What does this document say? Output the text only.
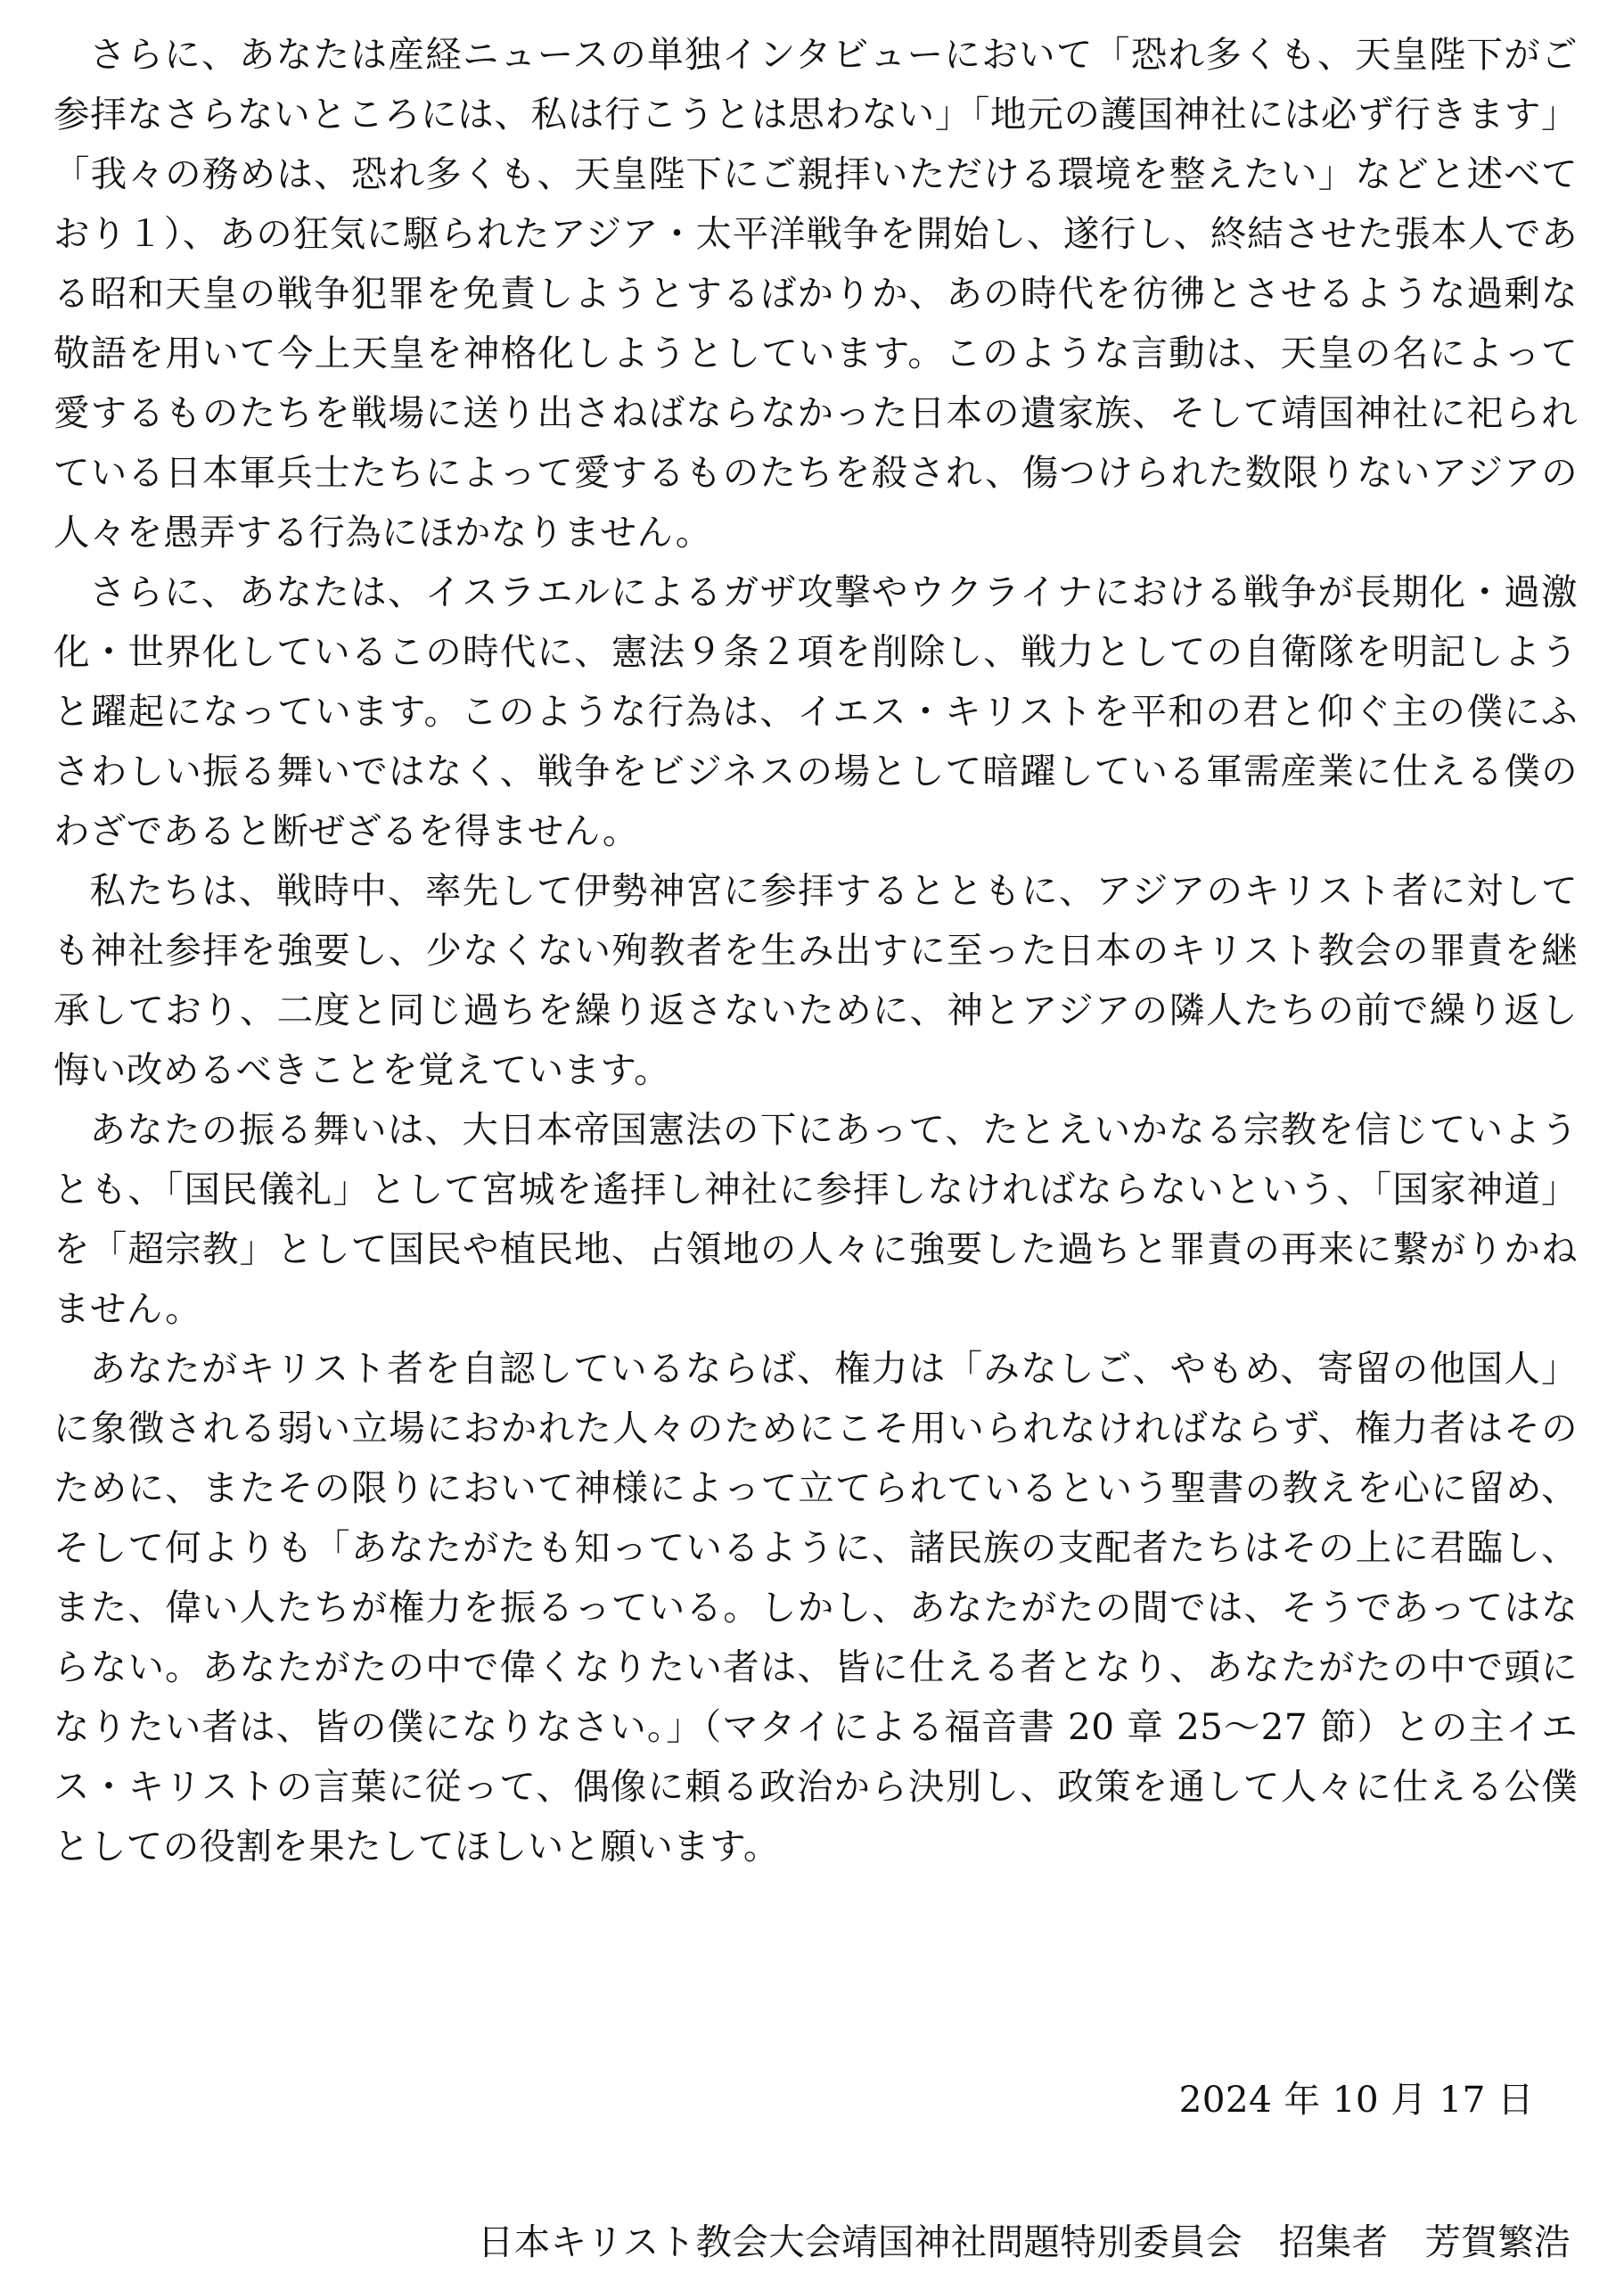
さらに、あなたは産経ニュースの単独インタビューにおいて「恐れ多くも、天皇陛下がご参拝なさらないところには、私は行こうとは思わない」「地元の護国神社には必ず行きます」「我々の務めは、恐れ多くも、天皇陛下にご親拝いただける環境を整えたい」などと述べており１）、あの狂気に駆られたアジア・太平洋戦争を開始し、遂行し、終結させた張本人である昭和天皇の戦争犯罪を免責しようとするばかりか、あの時代を彷彿とさせるような過剰な敬語を用いて今上天皇を神格化しようとしています。このような言動は、天皇の名によって愛するものたちを戦場に送り出さねばならなかった日本の遺家族、そして靖国神社に祀られている日本軍兵士たちによって愛するものたちを殺され、傷つけられた数限りないアジアの人々を愚弄する行為にほかなりません。

さらに、あなたは、イスラエルによるガザ攻撃やウクライナにおける戦争が長期化・過激化・世界化しているこの時代に、憲法９条２項を削除し、戦力としての自衛隊を明記しようと躍起になっています。このような行為は、イエス・キリストを平和の君と仰ぐ主の僕にふさわしい振る舞いではなく、戦争をビジネスの場として暗躍している軍需産業に仕える僕のわざであると断ぜざるを得ません。

私たちは、戦時中、率先して伊勢神宮に参拝するとともに、アジアのキリスト者に対しても神社参拝を強要し、少なくない殉教者を生み出すに至った日本のキリスト教会の罪責を継承しており、二度と同じ過ちを繰り返さないために、神とアジアの隣人たちの前で繰り返し悔い改めるべきことを覚えています。

あなたの振る舞いは、大日本帝国憲法の下にあって、たとえいかなる宗教を信じていようとも、「国民儀礼」として宮城を遙拝し神社に参拝しなければならないという、「国家神道」を「超宗教」として国民や植民地、占領地の人々に強要した過ちと罪責の再来に繋がりかねません。

あなたがキリスト者を自認しているならば、権力は「みなしご、やもめ、寄留の他国人」に象徴される弱い立場におかれた人々のためにこそ用いられなければならず、権力者はそのために、またその限りにおいて神様によって立てられているという聖書の教えを心に留め、そして何よりも「あなたがたも知っているように、諸民族の支配者たちはその上に君臨し、また、偉い人たちが権力を振るっている。しかし、あなたがたの間では、そうであってはならない。あなたがたの中で偉くなりたい者は、皆に仕える者となり、あなたがたの中で頭になりたい者は、皆の僕になりなさい。」（マタイによる福音書 20 章 25〜27 節）との主イエス・キリストの言葉に従って、偶像に頼る政治から決別し、政策を通して人々に仕える公僕としての役割を果たしてほしいと願います。

2024 年 10 月 17 日
日本キリスト教会大会靖国神社問題特別委員会　招集者　芳賀繁浩
